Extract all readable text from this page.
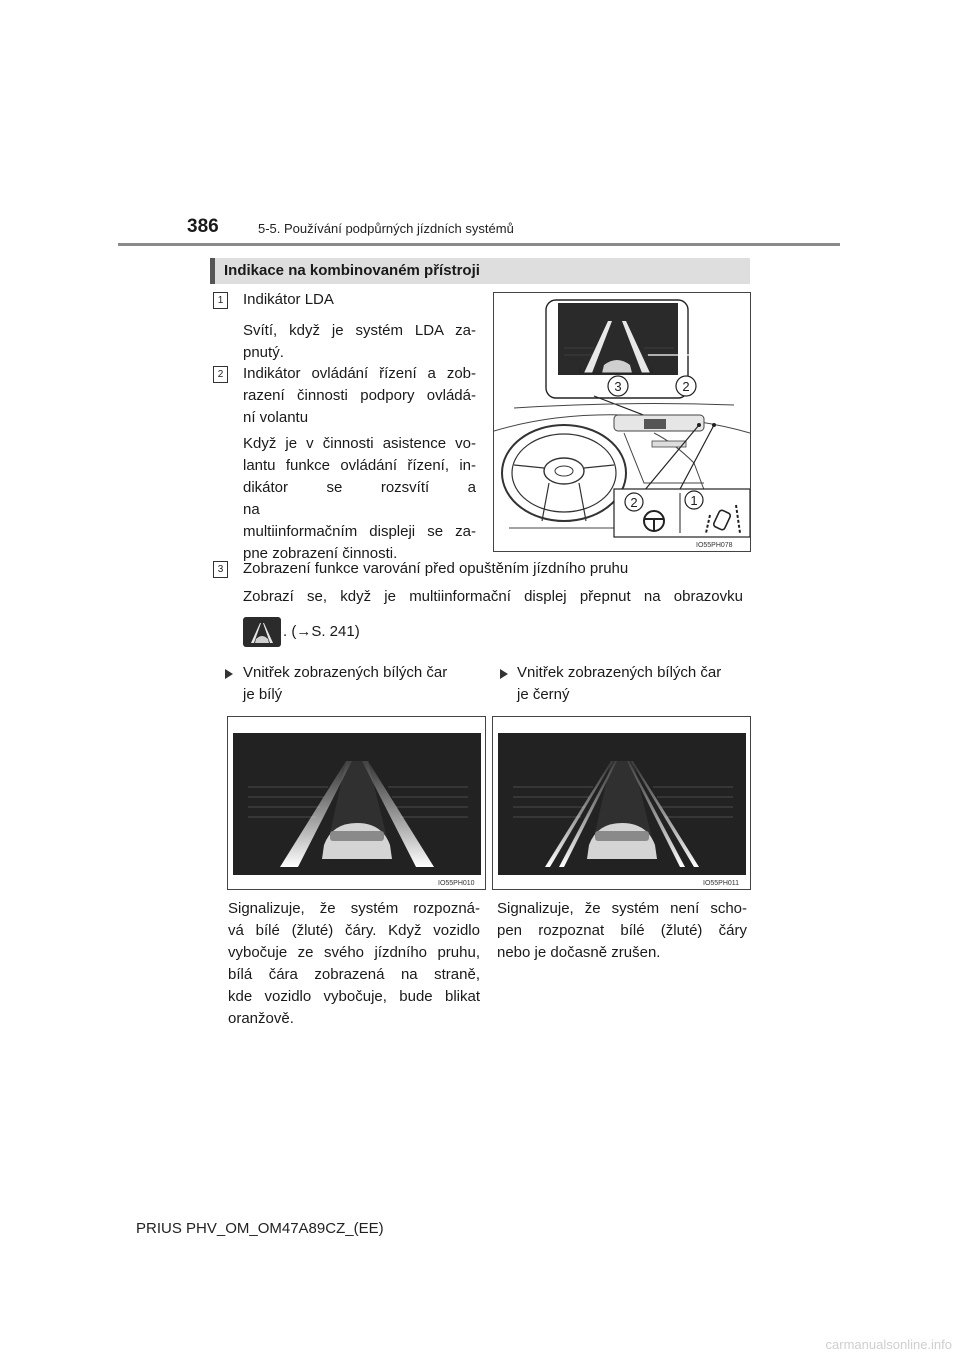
386	5-5. Používání podpůrných jízdních systémů
Indikace na kombinovaném přístroji
1	Indikátor LDA
Svítí, když je systém LDA za-
pnutý.
2	Indikátor ovládání řízení a zob-
razení činnosti podpory ovládá-
ní volantu
Když je v činnosti asistence vo-
lantu funkce ovládání řízení, in-
dikátor se rozsvítí a na
multiinformačním displeji se za-
pne zobrazení činnosti.
3	2
2	1
IO55PH078
3	Zobrazení funkce varování před opuštěním jízdního pruhu
Zobrazí se, když je multiinformační displej přepnut na obrazovku
. (→S. 241)
Vnitřek zobrazených bílých čar
je bílý
Vnitřek zobrazených bílých čar
je černý
IO55PH010	IO55PH011
Signalizuje, že systém rozpozná-
vá bílé (žluté) čáry. Když vozidlo
vybočuje ze svého jízdního pruhu,
bílá čára zobrazená na straně,
kde vozidlo vybočuje, bude blikat
oranžově.
Signalizuje, že systém není scho-
pen rozpoznat bílé (žluté) čáry
nebo je dočasně zrušen.
PRIUS PHV_OM_OM47A89CZ_(EE)
carmanualsonline.info
